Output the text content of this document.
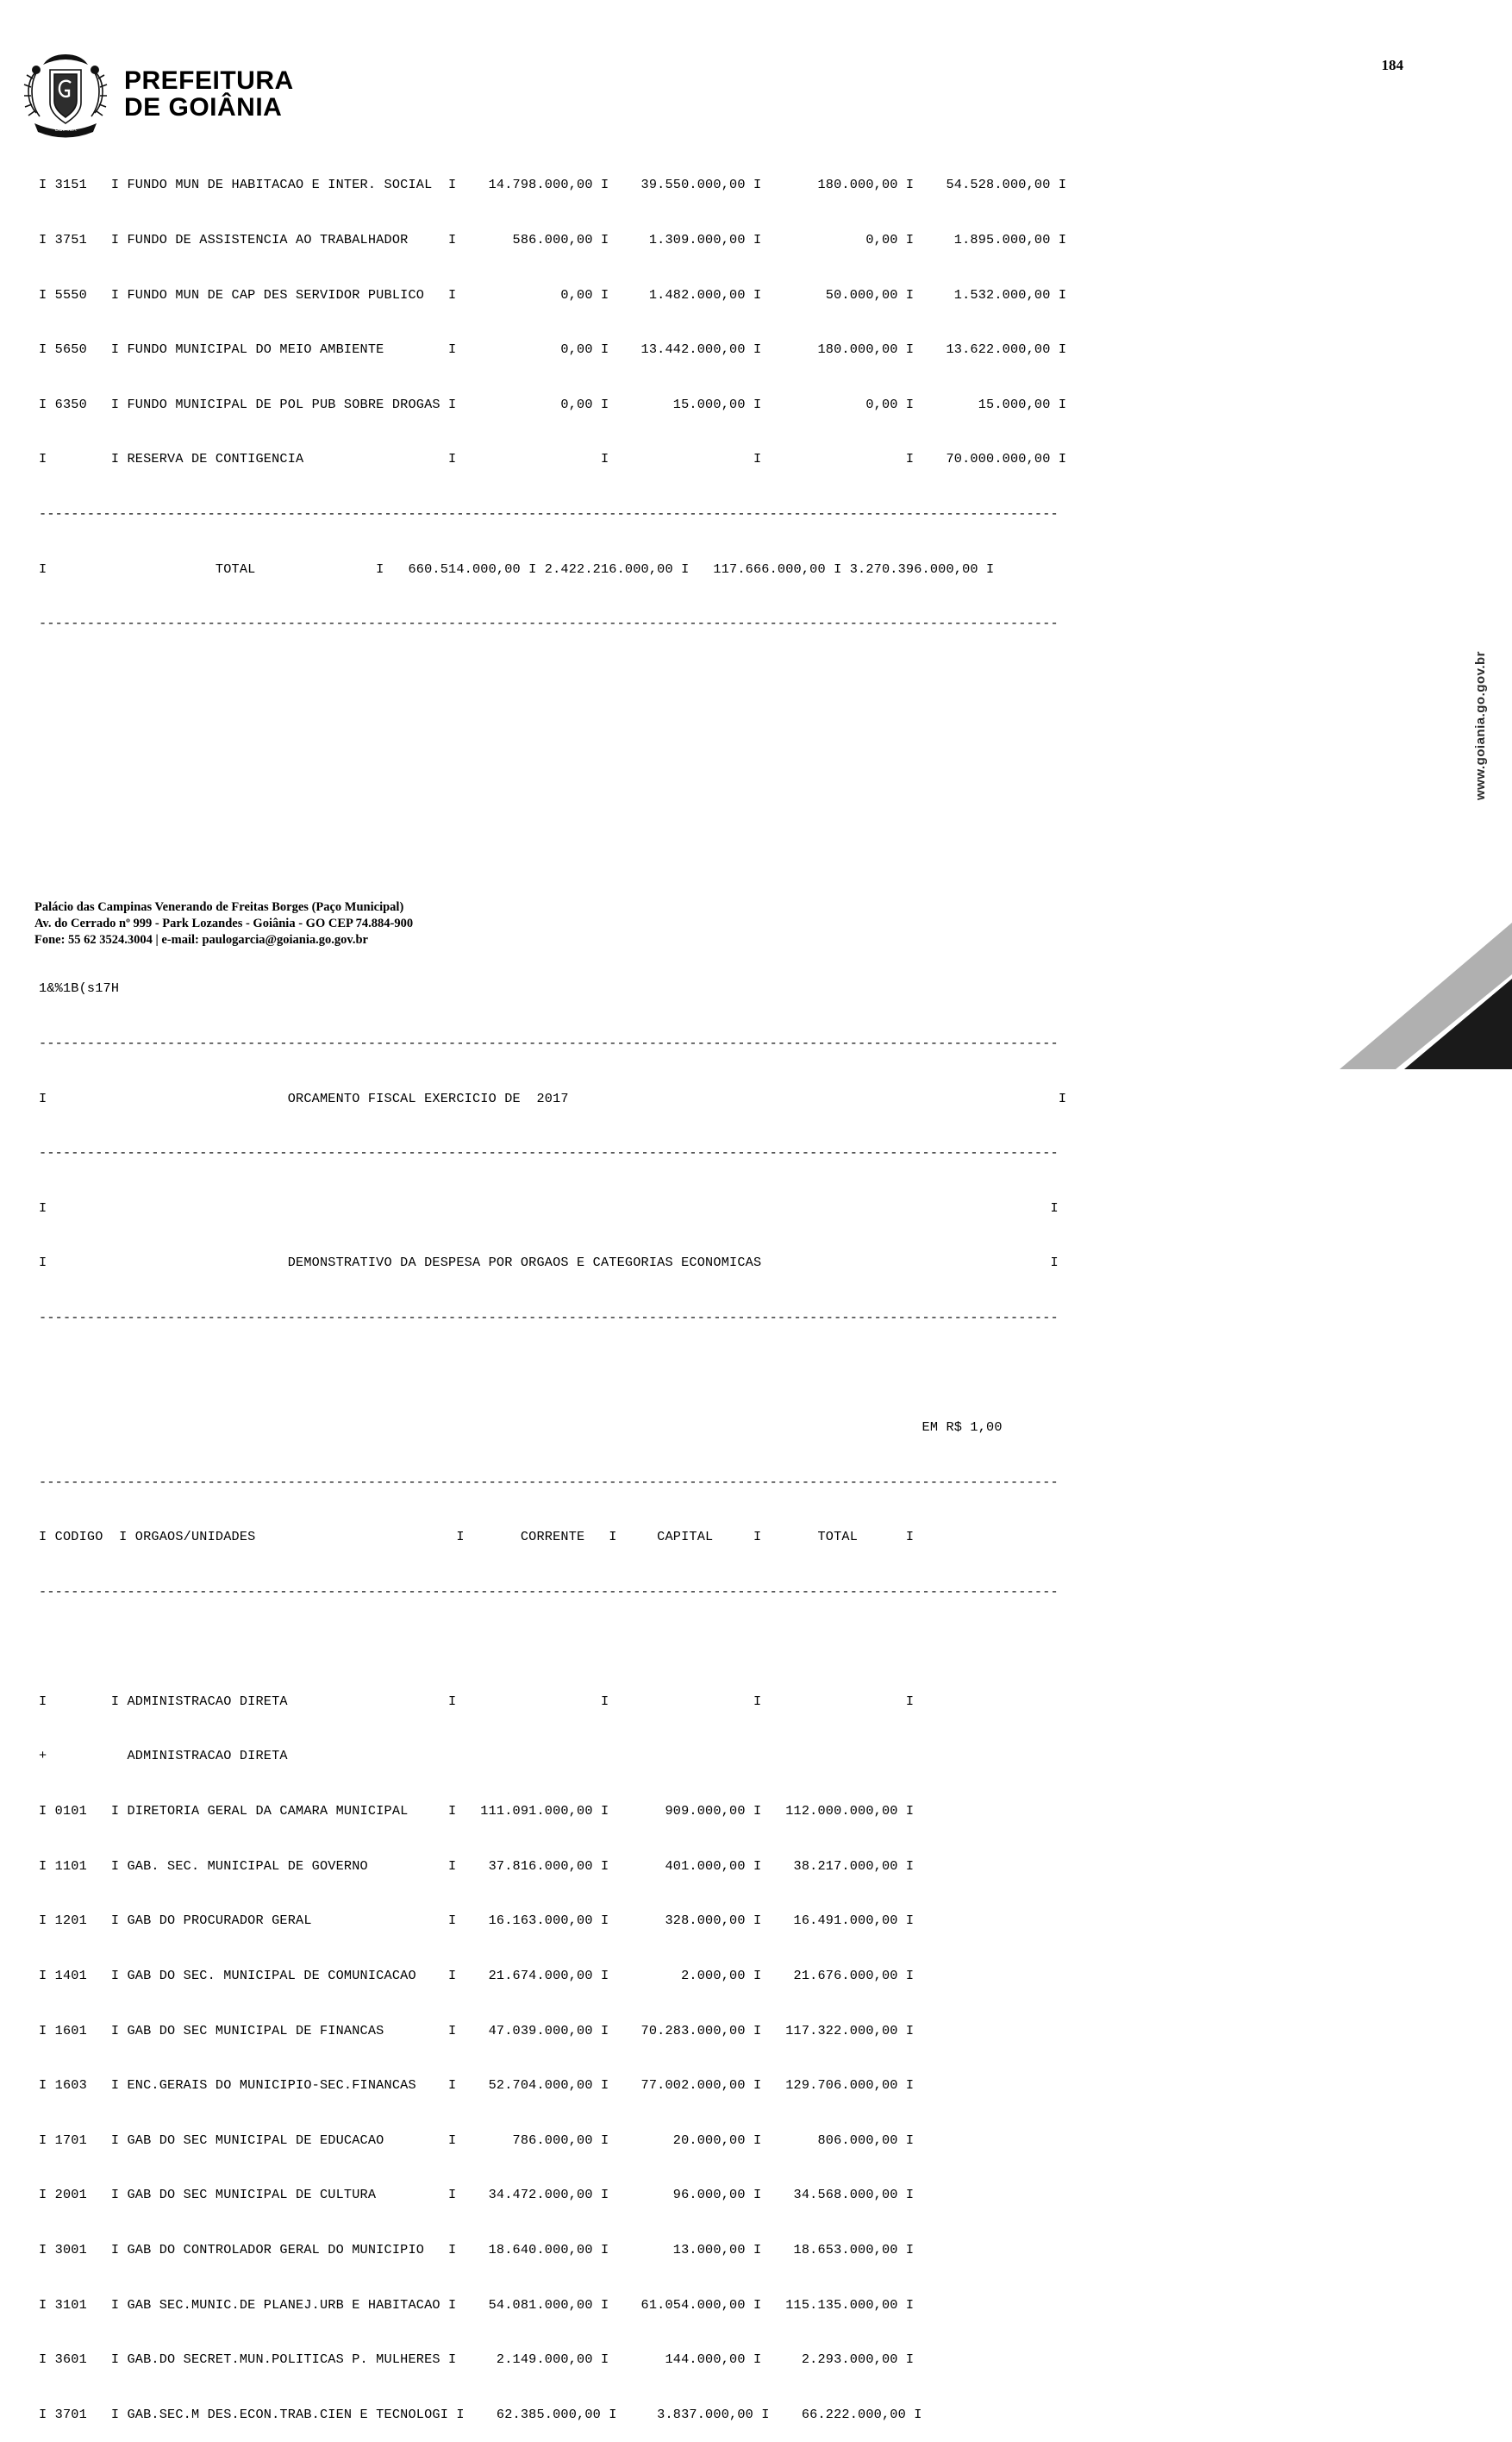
184
GOIANIA
PREFEITURA
DE GOIÂNIA

I 3151   I FUNDO MUN DE HABITACAO E INTER. SOCIAL  I    14.798.000,00 I    39.550.000,00 I       180.000,00 I    54.528.000,00 I

I 3751   I FUNDO DE ASSISTENCIA AO TRABALHADOR     I       586.000,00 I     1.309.000,00 I             0,00 I     1.895.000,00 I

I 5550   I FUNDO MUN DE CAP DES SERVIDOR PUBLICO   I             0,00 I     1.482.000,00 I        50.000,00 I     1.532.000,00 I

I 5650   I FUNDO MUNICIPAL DO MEIO AMBIENTE        I             0,00 I    13.442.000,00 I       180.000,00 I    13.622.000,00 I

I 6350   I FUNDO MUNICIPAL DE POL PUB SOBRE DROGAS I             0,00 I        15.000,00 I             0,00 I        15.000,00 I

I        I RESERVA DE CONTIGENCIA                  I                  I                  I                  I    70.000.000,00 I

-------------------------------------------------------------------------------------------------------------------------------

I                     TOTAL               I   660.514.000,00 I 2.422.216.000,00 I   117.666.000,00 I 3.270.396.000,00 I

-------------------------------------------------------------------------------------------------------------------------------

1&%1B(s17H

-------------------------------------------------------------------------------------------------------------------------------

I                              ORCAMENTO FISCAL EXERCICIO DE  2017                                                             I

-------------------------------------------------------------------------------------------------------------------------------

I                                                                                                                             I

I                              DEMONSTRATIVO DA DESPESA POR ORGAOS E CATEGORIAS ECONOMICAS                                    I

-------------------------------------------------------------------------------------------------------------------------------

EM R$ 1,00

-------------------------------------------------------------------------------------------------------------------------------

I CODIGO  I ORGAOS/UNIDADES                         I       CORRENTE   I     CAPITAL     I       TOTAL      I

-------------------------------------------------------------------------------------------------------------------------------

I        I ADMINISTRACAO DIRETA                    I                  I                  I                  I

+          ADMINISTRACAO DIRETA

I 0101   I DIRETORIA GERAL DA CAMARA MUNICIPAL     I   111.091.000,00 I       909.000,00 I   112.000.000,00 I

I 1101   I GAB. SEC. MUNICIPAL DE GOVERNO          I    37.816.000,00 I       401.000,00 I    38.217.000,00 I

I 1201   I GAB DO PROCURADOR GERAL                 I    16.163.000,00 I       328.000,00 I    16.491.000,00 I

I 1401   I GAB DO SEC. MUNICIPAL DE COMUNICACAO    I    21.674.000,00 I         2.000,00 I    21.676.000,00 I

I 1601   I GAB DO SEC MUNICIPAL DE FINANCAS        I    47.039.000,00 I    70.283.000,00 I   117.322.000,00 I

I 1603   I ENC.GERAIS DO MUNICIPIO-SEC.FINANCAS    I    52.704.000,00 I    77.002.000,00 I   129.706.000,00 I

I 1701   I GAB DO SEC MUNICIPAL DE EDUCACAO        I       786.000,00 I        20.000,00 I       806.000,00 I

I 2001   I GAB DO SEC MUNICIPAL DE CULTURA         I    34.472.000,00 I        96.000,00 I    34.568.000,00 I

I 3001   I GAB DO CONTROLADOR GERAL DO MUNICIPIO   I    18.640.000,00 I        13.000,00 I    18.653.000,00 I

I 3101   I GAB SEC.MUNIC.DE PLANEJ.URB E HABITACAO I    54.081.000,00 I    61.054.000,00 I   115.135.000,00 I

I 3601   I GAB.DO SECRET.MUN.POLITICAS P. MULHERES I     2.149.000,00 I       144.000,00 I     2.293.000,00 I

I 3701   I GAB.SEC.M DES.ECON.TRAB.CIEN E TECNOLOGI I    62.385.000,00 I     3.837.000,00 I    66.222.000,00 I

Palácio das Campinas Venerando de Freitas Borges (Paço Municipal)
Av. do Cerrado nº 999 - Park Lozandes - Goiânia - GO CEP 74.884-900
Fone: 55 62 3524.3004 | e-mail: paulogarcia@goiania.go.gov.br
www.goiania.go.gov.br
